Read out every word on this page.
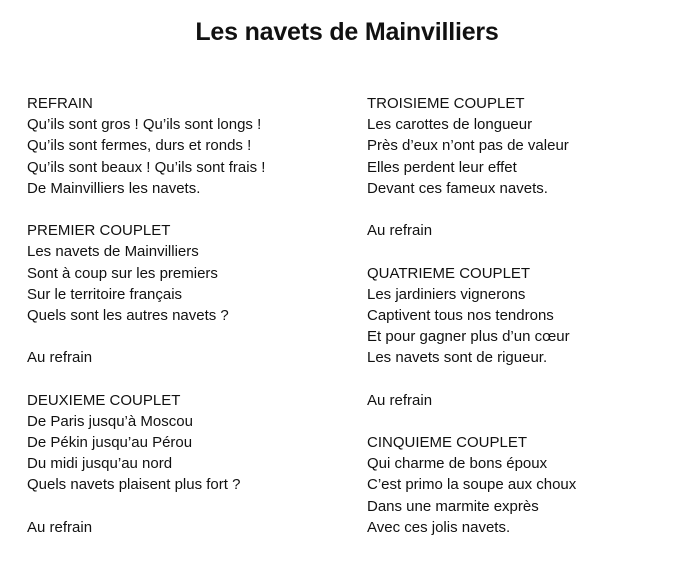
Les navets de Mainvilliers
REFRAIN
Qu’ils sont gros ! Qu’ils sont longs !
Qu’ils sont fermes, durs et ronds !
Qu’ils sont beaux ! Qu’ils sont frais !
De Mainvilliers les navets.
PREMIER COUPLET
Les navets de Mainvilliers
Sont à coup sur les premiers
Sur le territoire français
Quels sont les autres navets ?
Au refrain
DEUXIEME COUPLET
De Paris jusqu’à Moscou
De Pékin jusqu’au Pérou
Du midi jusqu’au nord
Quels navets plaisent plus fort ?
Au refrain
TROISIEME COUPLET
Les carottes de longueur
Près d’eux n’ont pas de valeur
Elles perdent leur effet
Devant ces fameux navets.
Au refrain
QUATRIEME COUPLET
Les jardiniers vignerons
Captivent tous nos tendrons
Et pour gagner plus d’un cœur
Les navets sont de rigueur.
Au refrain
CINQUIEME COUPLET
Qui charme de bons époux
C’est primo la soupe aux choux
Dans une marmite exprès
Avec ces jolis navets.
